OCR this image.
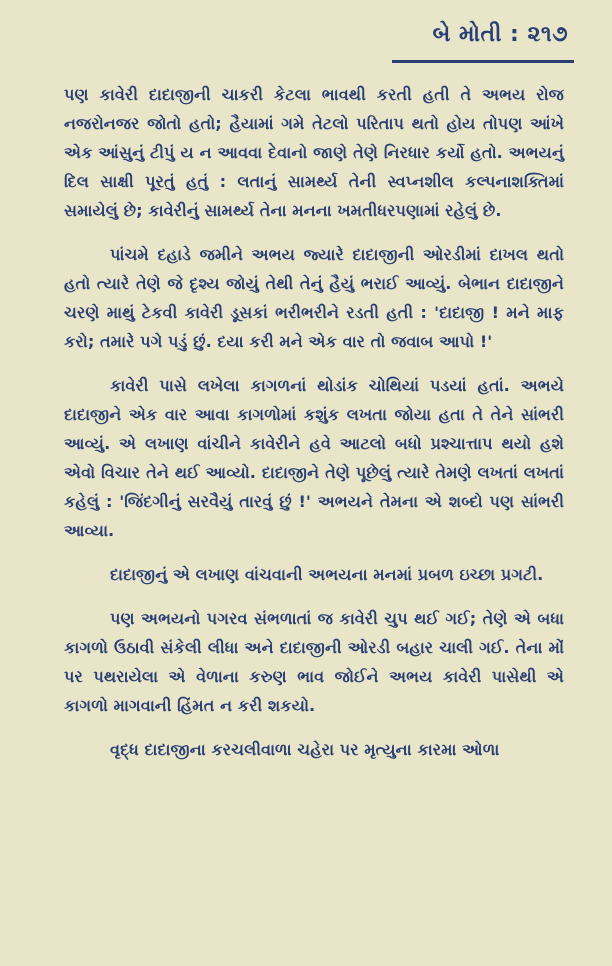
બે મોતી : ૨૧૭

પણ કાવેરી દાદાજીની ચાકરી કેટલા ભાવથી કરતી હતી તે અભય રોજ નજરોનજર જોતો હતો; હૈયામાં ગમે તેટલો પરિતાપ થતો હોય તોપણ આંખે એક આંસુનું ટીપું ય ન આવવા દેવાનો જાણે તેણે નિરધાર કર્યો હતો. અભયનું દિલ સાક્ષી પૂરતું હતું : લતાનું સામર્થ્ય તેની સ્વપ્નશીલ કલ્પનાશક્તિમાં સમાયેલું છે; કાવેરીનું સામર્થ્ય તેના મનના ખમતીધરપણામાં રહેલું છે.

પાંચમે દહાડે જમીને અભય જ્યારે દાદાજીની ઓરડીમાં દાખલ થતો હતો ત્યારે તેણે જે દૃશ્ય જોયું તેથી તેનું હૈયું ભરાઈ આવ્યું. બેભાન દાદાજીને ચરણે માથું ટેકવી કાવેરી ડૂસકાં ભરીભરીને રડતી હતી : 'દાદાજી ! મને માફ કરો; તમારે પગે પડું છું. દયા કરી મને એક વાર તો જવાબ આપો !'

કાવેરી પાસે લખેલા કાગળનાં થોડાંક ચોથિયાં પડયાં હતાં. અભયે દાદાજીને એક વાર આવા કાગળોમાં કશુંક લખતા જોયા હતા તે તેને સાંભરી આવ્યું. એ લખાણ વાંચીને કાવેરીને હવે આટલો બધો પ્રશ્ચાત્તાપ થયો હશે એવો વિચાર તેને થઈ આવ્યો. દાદાજીને તેણે પૂછેલું ત્યારે તેમણે લખતાં લખતાં કહેલું : 'જિંદગીનું સરવૈયું તારવું છું !' અભયને તેમના એ શબ્દો પણ સાંભરી આવ્યા.

દાદાજીનું એ લખાણ વાંચવાની અભયના મનમાં પ્રબળ ઇચ્છા પ્રગટી.

પણ અભયનો પગરવ સંભળાતાં જ કાવેરી ચુપ થઈ ગઈ; તેણે એ બધા કાગળો ઉઠાવી સંકેલી લીધા અને દાદાજીની ઓરડી બહાર ચાલી ગઈ. તેના મોં પર પથરાયેલા એ વેળાના કરુણ ભાવ જોઈને અભય કાવેરી પાસેથી એ કાગળો માગવાની હિંમત ન કરી શકયો.

વૃદ્ધ દાદાજીના કરચલીવાળા ચહેરા પર મૃત્યુના કારમા ઓળા
